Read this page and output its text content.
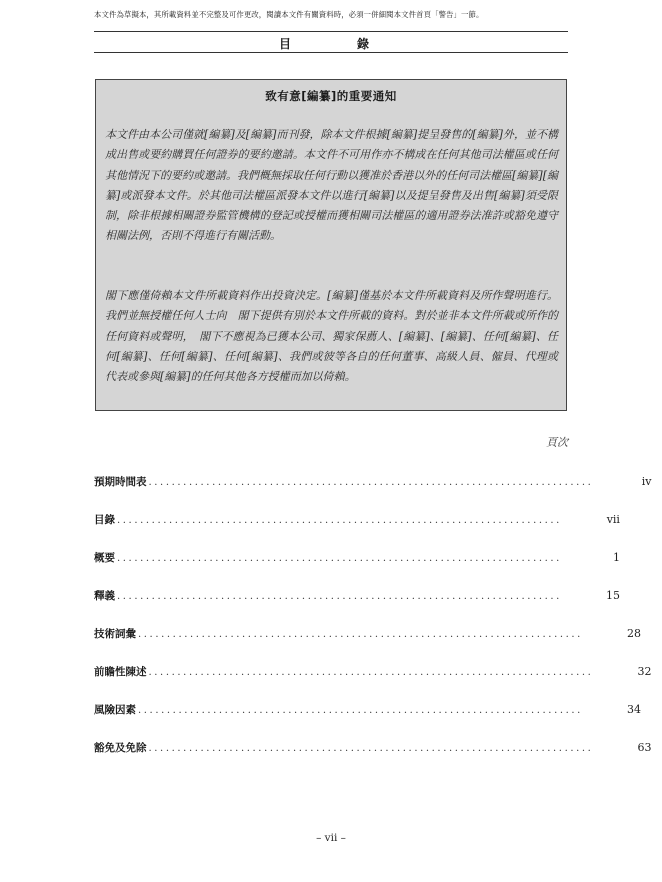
本文件為草擬本，其所載資料並不完整及可作更改，閱讀本文件有關資料時，必須一併細閱本文件首頁「警告」一節。
目　　錄
致有意[編纂]的重要通知
本文件由本公司僅就[編纂]及[編纂]而刊發，除本文件根據[編纂]提呈發售的[編纂]外，並不構成出售或要約購買任何證券的要約邀請。本文件不可用作亦不構成在任何其他司法權區或任何其他情況下的要約或邀請。我們概無採取任何行動以獲准於香港以外的任何司法權區[編纂][編纂]或派發本文件。於其他司法權區派發本文件以進行[編纂]以及提呈發售及出售[編纂]須受限制，除非根據相關證券監管機構的登記或授權而獲相關司法權區的適用證券法准許或豁免遵守相關法例，否則不得進行有關活動。
閣下應僅倚賴本文件所載資料作出投資決定。[編纂]僅基於本文件所載資料及所作聲明進行。我們並無授權任何人士向　閣下提供有別於本文件所載的資料。對於並非本文件所載或所作的任何資料或聲明，　閣下不應視為已獲本公司、獨家保薦人、[編纂]、[編纂]、任何[編纂]、任何[編纂]、任何[編纂]、任何[編纂]、我們或彼等各自的任何董事、高級人員、僱員、代理或代表或參與[編纂]的任何其他各方授權而加以倚賴。
頁次
預期時間表 .............................................................................	iv
目錄 .............................................................................	vii
概要 .............................................................................	1
釋義 .............................................................................	15
技術詞彙 .............................................................................	28
前瞻性陳述 .............................................................................	32
風險因素 .............................................................................	34
豁免及免除 .............................................................................	63
– vii –
